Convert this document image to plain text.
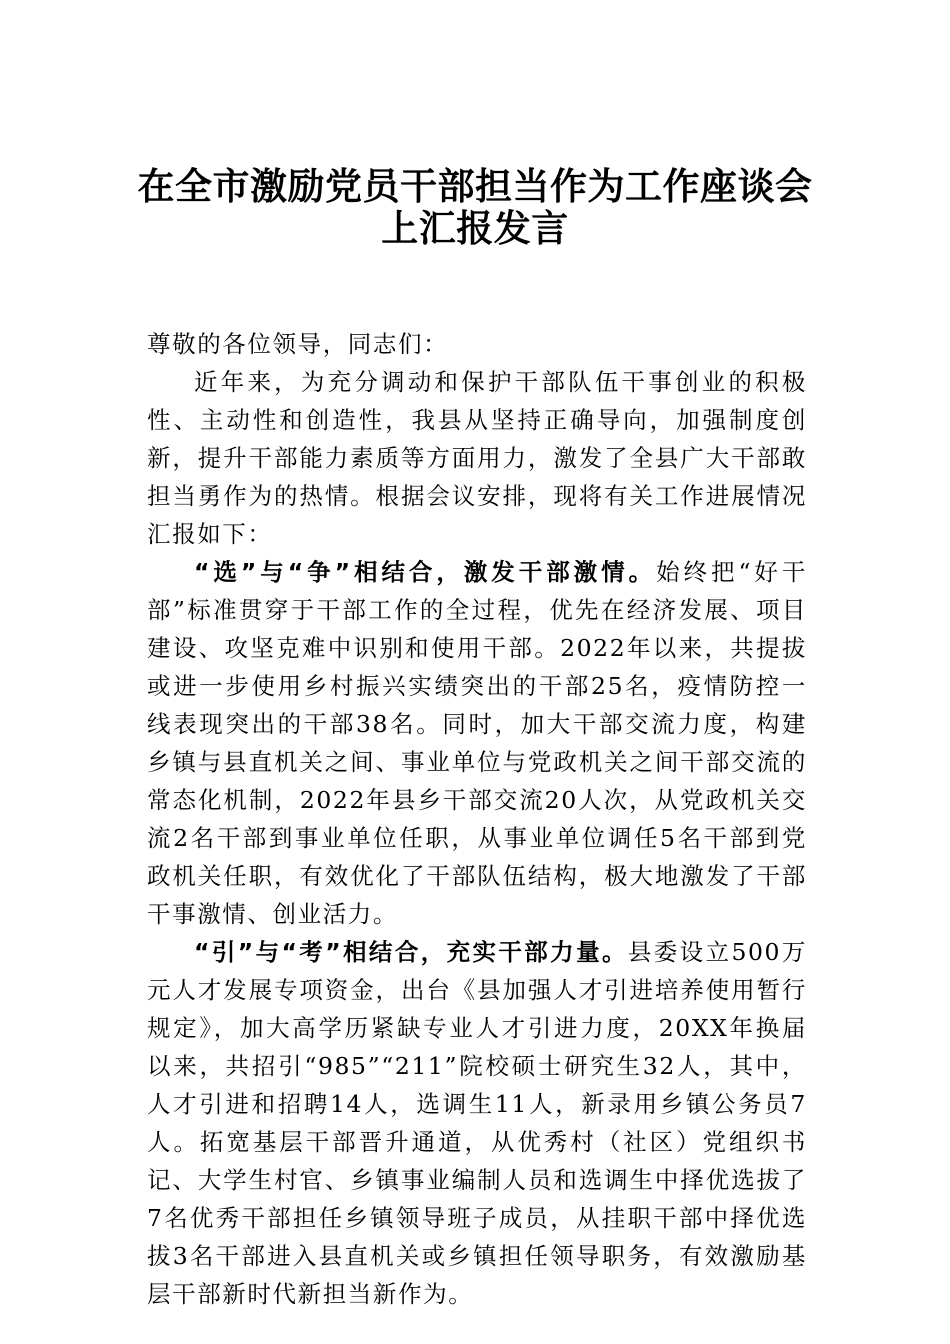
在全市激励党员干部担当作为工作座谈会
上汇报发言

尊敬的各位领导，同志们：

近年来，为充分调动和保护干部队伍干事创业的积极性、主动性和创造性，我县从坚持正确导向，加强制度创新，提升干部能力素质等方面用力，激发了全县广大干部敢担当勇作为的热情。根据会议安排，现将有关工作进展情况汇报如下：

“选”与“争”相结合，激发干部激情。始终把“好干部”标准贯穿于干部工作的全过程，优先在经济发展、项目建设、攻坚克难中识别和使用干部。2022年以来，共提拔或进一步使用乡村振兴实绩突出的干部25名，疫情防控一线表现突出的干部38名。同时，加大干部交流力度，构建乡镇与县直机关之间、事业单位与党政机关之间干部交流的常态化机制，2022年县乡干部交流20人次，从党政机关交流2名干部到事业单位任职，从事业单位调任5名干部到党政机关任职，有效优化了干部队伍结构，极大地激发了干部干事激情、创业活力。

“引”与“考”相结合，充实干部力量。县委设立500万元人才发展专项资金，出台《县加强人才引进培养使用暂行规定》，加大高学历紧缺专业人才引进力度，20XX年换届以来，共招引“985”“211”院校硕士研究生32人，其中，人才引进和招聘14人，选调生11人，新录用乡镇公务员7人。拓宽基层干部晋升通道，从优秀村（社区）党组织书记、大学生村官、乡镇事业编制人员和选调生中择优选拔了7名优秀干部担任乡镇领导班子成员，从挂职干部中择优选拔3名干部进入县直机关或乡镇担任领导职务，有效激励基层干部新时代新担当新作为。
